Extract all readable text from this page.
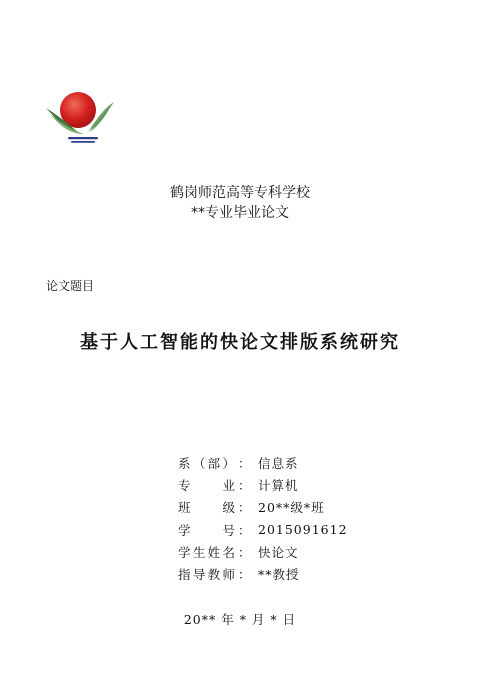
鹤岗师范高等专科学校
**专业毕业论文
论文题目
基于人工智能的快论文排版系统研究
系（部） ： 信息系
专业 ： 计算机
班级 ： 20**级*班
学号 ： 2015091612
学生姓名 ： 快论文
指导教师 ： **教授
20** 年 * 月 * 日
